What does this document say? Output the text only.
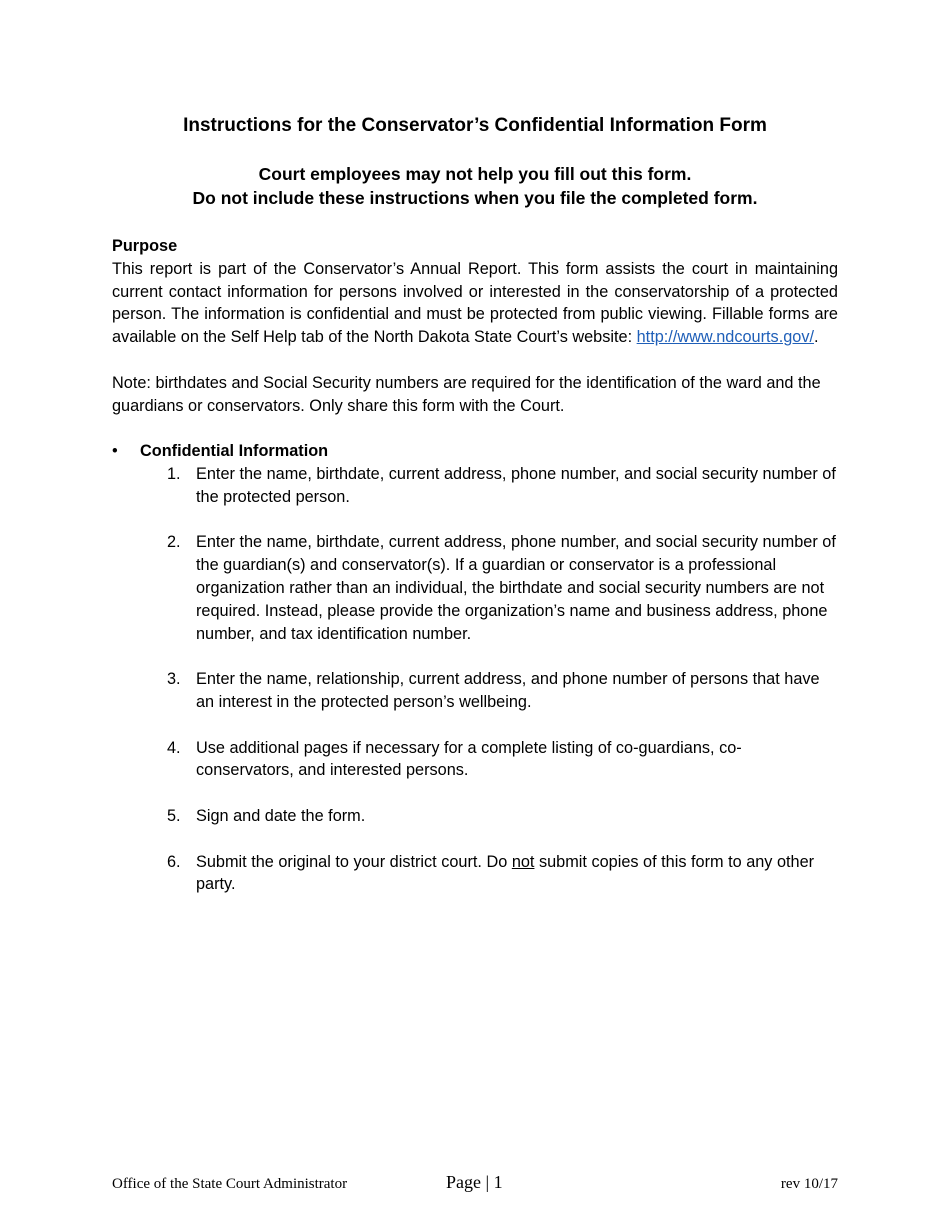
Instructions for the Conservator’s Confidential Information Form
Court employees may not help you fill out this form.
Do not include these instructions when you file the completed form.
Purpose
This report is part of the Conservator’s Annual Report. This form assists the court in maintaining current contact information for persons involved or interested in the conservatorship of a protected person. The information is confidential and must be protected from public viewing. Fillable forms are available on the Self Help tab of the North Dakota State Court’s website: http://www.ndcourts.gov/.
Note: birthdates and Social Security numbers are required for the identification of the ward and the guardians or conservators. Only share this form with the Court.
•	Confidential Information
1. Enter the name, birthdate, current address, phone number, and social security number of the protected person.
2. Enter the name, birthdate, current address, phone number, and social security number of the guardian(s) and conservator(s). If a guardian or conservator is a professional organization rather than an individual, the birthdate and social security numbers are not required. Instead, please provide the organization’s name and business address, phone number, and tax identification number.
3. Enter the name, relationship, current address, and phone number of persons that have an interest in the protected person’s wellbeing.
4. Use additional pages if necessary for a complete listing of co-guardians, co-conservators, and interested persons.
5. Sign and date the form.
6. Submit the original to your district court. Do not submit copies of this form to any other party.
Office of the State Court Administrator	Page | 1	rev 10/17
